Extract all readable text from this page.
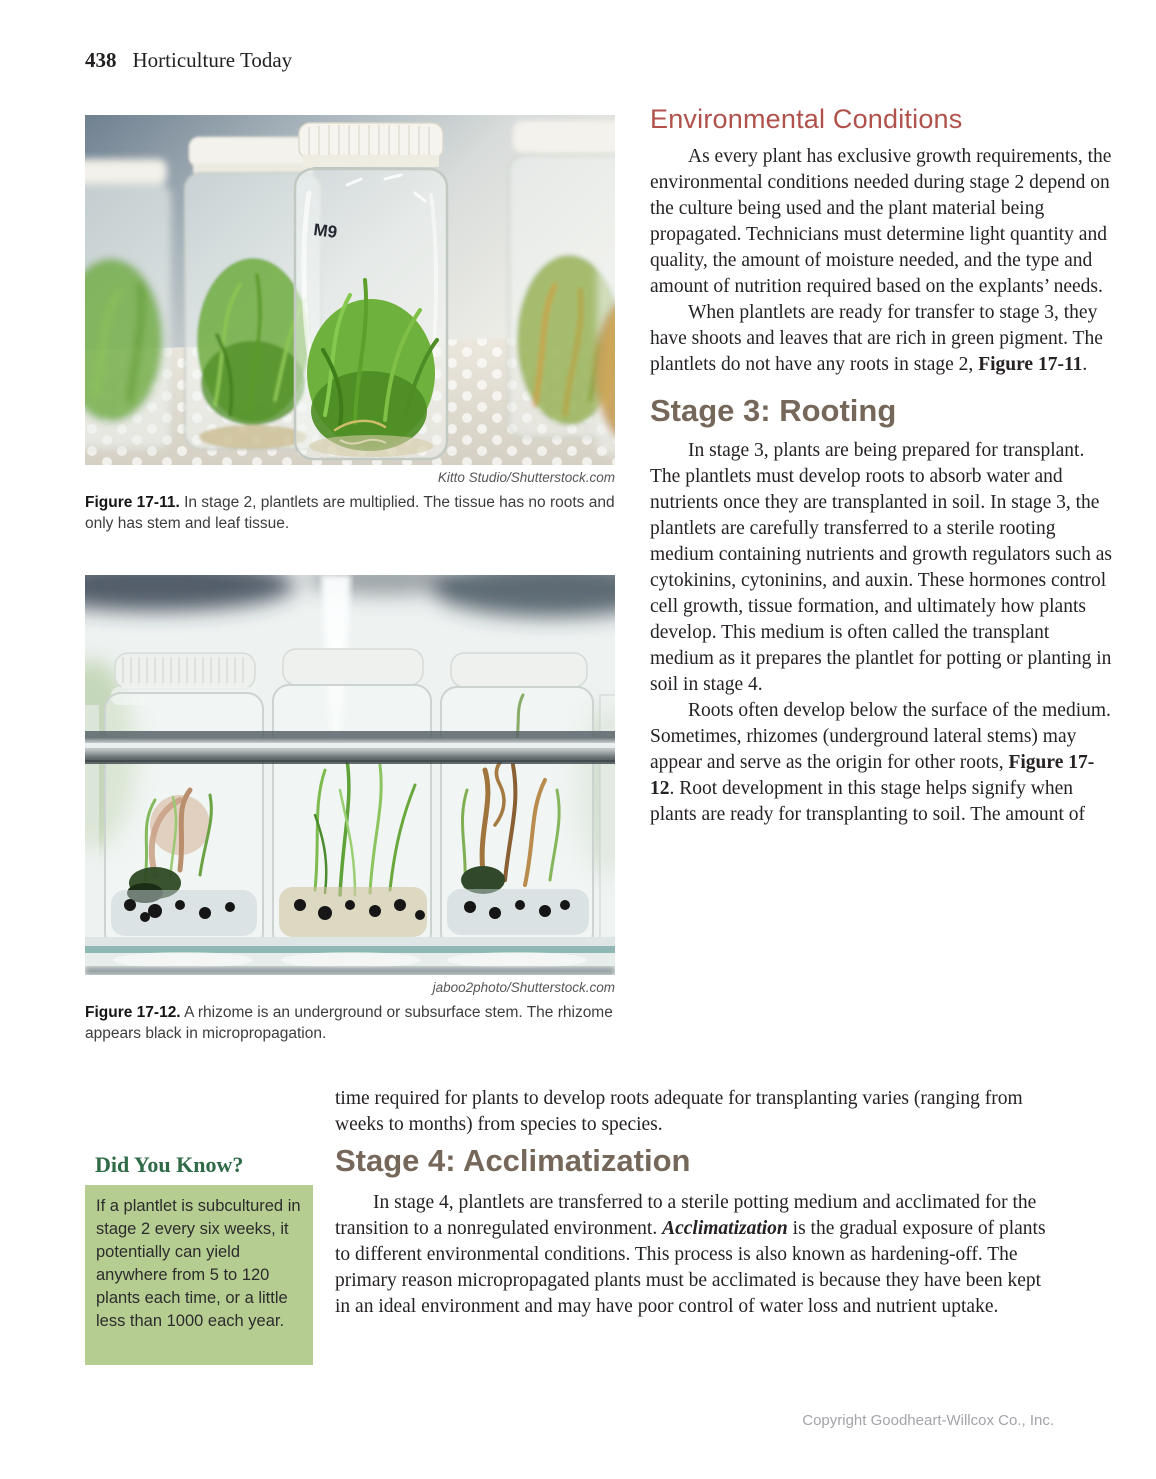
438 Horticulture Today
M9
Kitto Studio/Shutterstock.com
Figure 17-11. In stage 2, plantlets are multiplied. The tissue has no roots and only has stem and leaf tissue.
jaboo2photo/Shutterstock.com
Figure 17-12. A rhizome is an underground or subsurface stem. The rhizome appears black in micropropagation.
Environmental Conditions

As every plant has exclusive growth requirements, the environmental conditions needed during stage 2 depend on the culture being used and the plant material being propagated. Technicians must determine light quantity and quality, the amount of moisture needed, and the type and amount of nutrition required based on the explants’ needs.

When plantlets are ready for transfer to stage 3, they have shoots and leaves that are rich in green pigment. The plantlets do not have any roots in stage 2, Figure 17-11.

Stage 3: Rooting

In stage 3, plants are being prepared for transplant. The plantlets must develop roots to absorb water and nutrients once they are transplanted in soil. In stage 3, the plantlets are carefully transferred to a sterile rooting medium containing nutrients and growth regulators such as cytokinins, cytoninins, and auxin. These hormones control cell growth, tissue formation, and ultimately how plants develop. This medium is often called the transplant medium as it prepares the plantlet for potting or planting in soil in stage 4.

Roots often develop below the surface of the medium. Sometimes, rhizomes (underground lateral stems) may appear and serve as the origin for other roots, Figure 17-12. Root development in this stage helps signify when plants are ready for transplanting to soil. The amount of

time required for plants to develop roots adequate for transplanting varies (ranging from weeks to months) from species to species.

Did You Know?

If a plantlet is subcultured in stage 2 every six weeks, it potentially can yield anywhere from 5 to 120 plants each time, or a little less than 1000 each year.

Stage 4: Acclimatization

In stage 4, plantlets are transferred to a sterile potting medium and acclimated for the transition to a nonregulated environment. Acclimatization is the gradual exposure of plants to different environmental conditions. This process is also known as hardening-off. The primary reason micropropagated plants must be acclimated is because they have been kept in an ideal environment and may have poor control of water loss and nutrient uptake.

Copyright Goodheart-Willcox Co., Inc.
